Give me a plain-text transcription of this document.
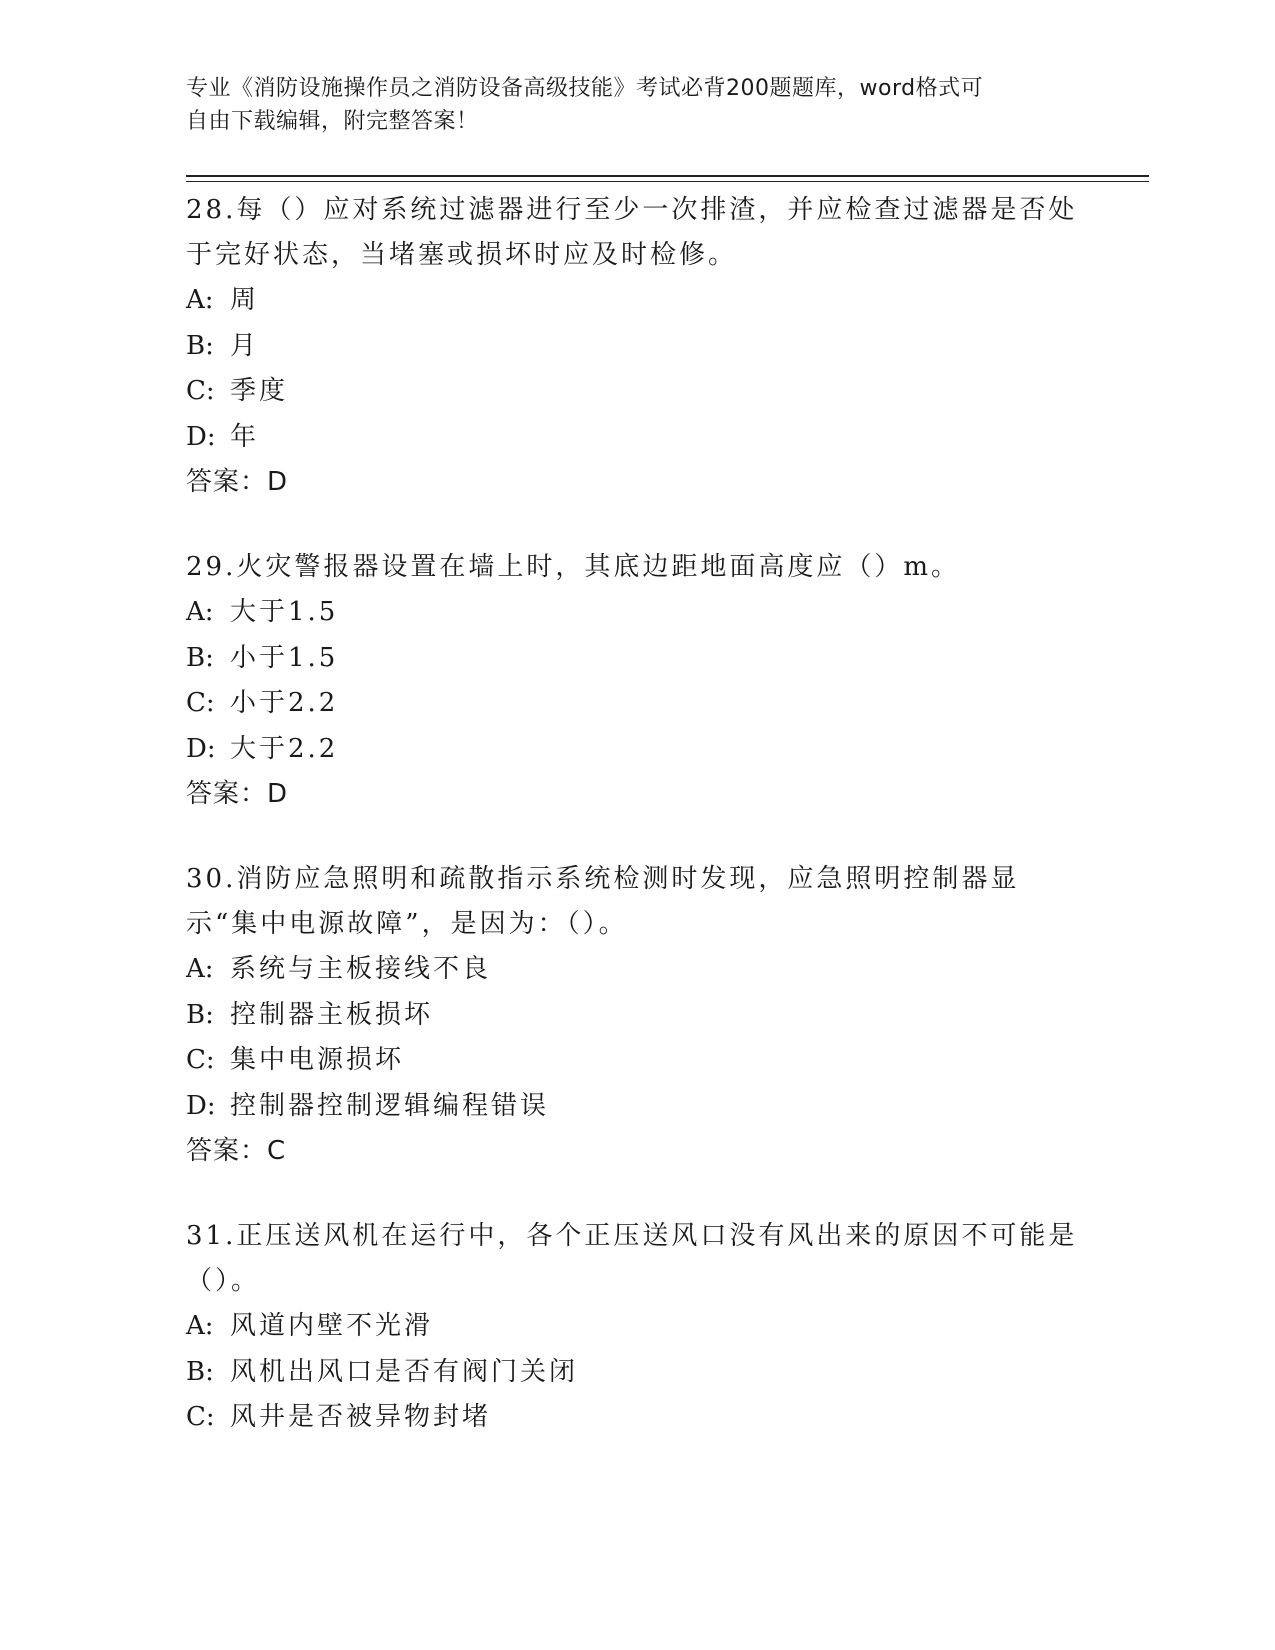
专业《消防设施操作员之消防设备高级技能》考试必背200题题库，word格式可
自由下载编辑，附完整答案！

28.每（）应对系统过滤器进行至少一次排渣，并应检查过滤器是否处于完好状态，当堵塞或损坏时应及时检修。

A: 周

B: 月

C: 季度

D: 年

答案：D

29.火灾警报器设置在墙上时，其底边距地面高度应（）m。

A: 大于1.5

B: 小于1.5

C: 小于2.2

D: 大于2.2

答案：D

30.消防应急照明和疏散指示系统检测时发现，应急照明控制器显示“集中电源故障”，是因为：（）。

A: 系统与主板接线不良

B: 控制器主板损坏

C: 集中电源损坏

D: 控制器控制逻辑编程错误

答案：C

31.正压送风机在运行中，各个正压送风口没有风出来的原因不可能是（）。

A: 风道内壁不光滑

B: 风机出风口是否有阀门关闭

C: 风井是否被异物封堵
